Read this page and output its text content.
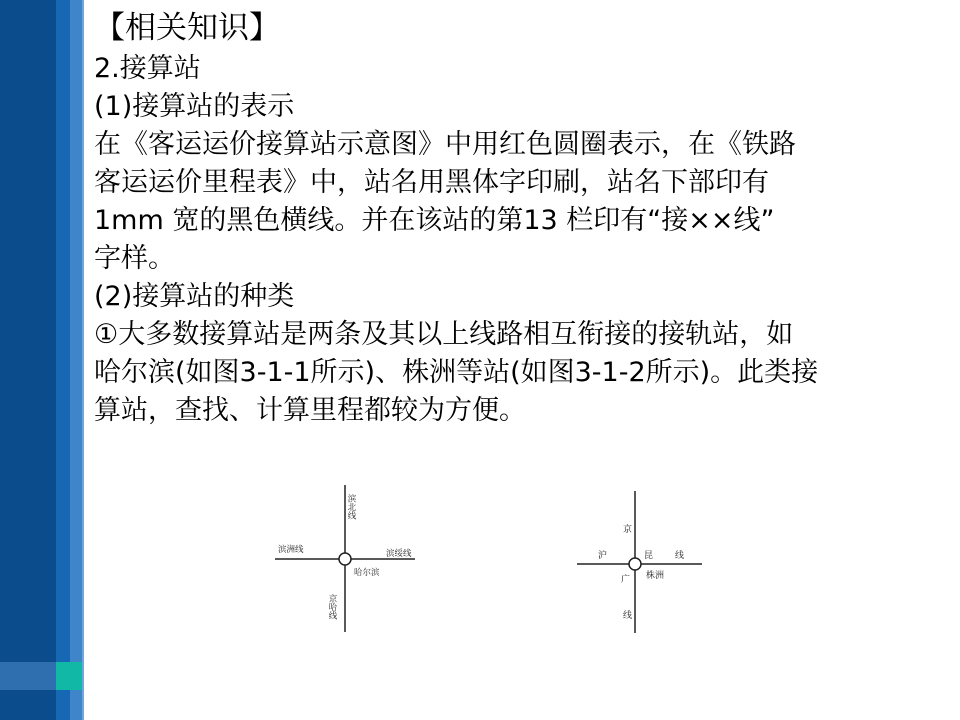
【相关知识】

2.接算站

(1)接算站的表示

在《客运运价接算站示意图》中用红色圆圈表示，在《铁路

客运运价里程表》中，站名用黑体字印刷，站名下部印有

1mm 宽的黑色横线。并在该站的第13 栏印有“接××线”

字样。

(2)接算站的种类

①大多数接算站是两条及其以上线路相互衔接的接轨站，如

哈尔滨(如图3-1-1所示)、株洲等站(如图3-1-2所示)。此类接

算站，查找、计算里程都较为方便。

滨北线
滨洲线	滨绥线
哈尔滨
京哈线
京
沪	昆 线
广 株洲
线
